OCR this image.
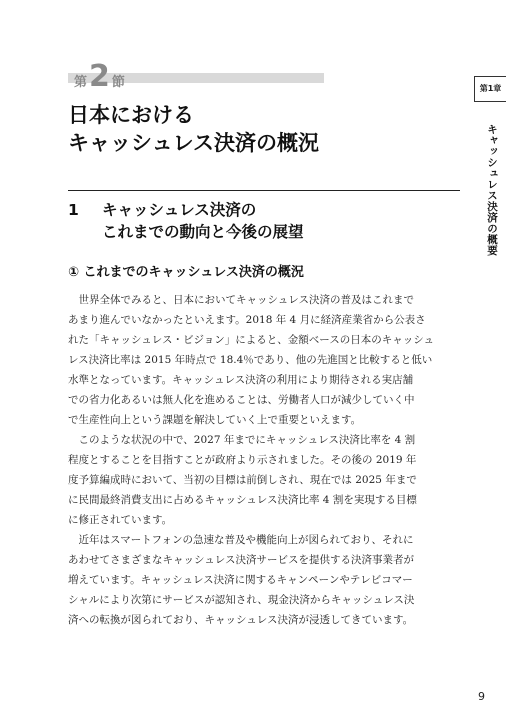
第 2 節
日本における
キャッシュレス決済の概況
1 キャッシュレス決済の
これまでの動向と今後の展望
① これまでのキャッシュレス決済の概況
　世界全体でみると、日本においてキャッシュレス決済の普及はこれまで
あまり進んでいなかったといえます。2018 年 4 月に経済産業省から公表さ
れた「キャッシュレス・ビジョン」によると、金額ベースの日本のキャッシュ
レス決済比率は 2015 年時点で 18.4％であり、他の先進国と比較すると低い
水準となっています。キャッシュレス決済の利用により期待される実店舗
での省力化あるいは無人化を進めることは、労働者人口が減少していく中
で生産性向上という課題を解決していく上で重要といえます。
　このような状況の中で、2027 年までにキャッシュレス決済比率を 4 割
程度とすることを目指すことが政府より示されました。その後の 2019 年
度予算編成時において、当初の目標は前倒しされ、現在では 2025 年まで
に民間最終消費支出に占めるキャッシュレス決済比率 4 割を実現する目標
に修正されています。
　近年はスマートフォンの急速な普及や機能向上が図られており、それに
あわせてさまざまなキャッシュレス決済サービスを提供する決済事業者が
増えています。キャッシュレス決済に関するキャンペーンやテレビコマー
シャルにより次第にサービスが認知され、現金決済からキャッシュレス決
済への転換が図られており、キャッシュレス決済が浸透してきています。
第1章
キャッシュレス決済の概要
9
